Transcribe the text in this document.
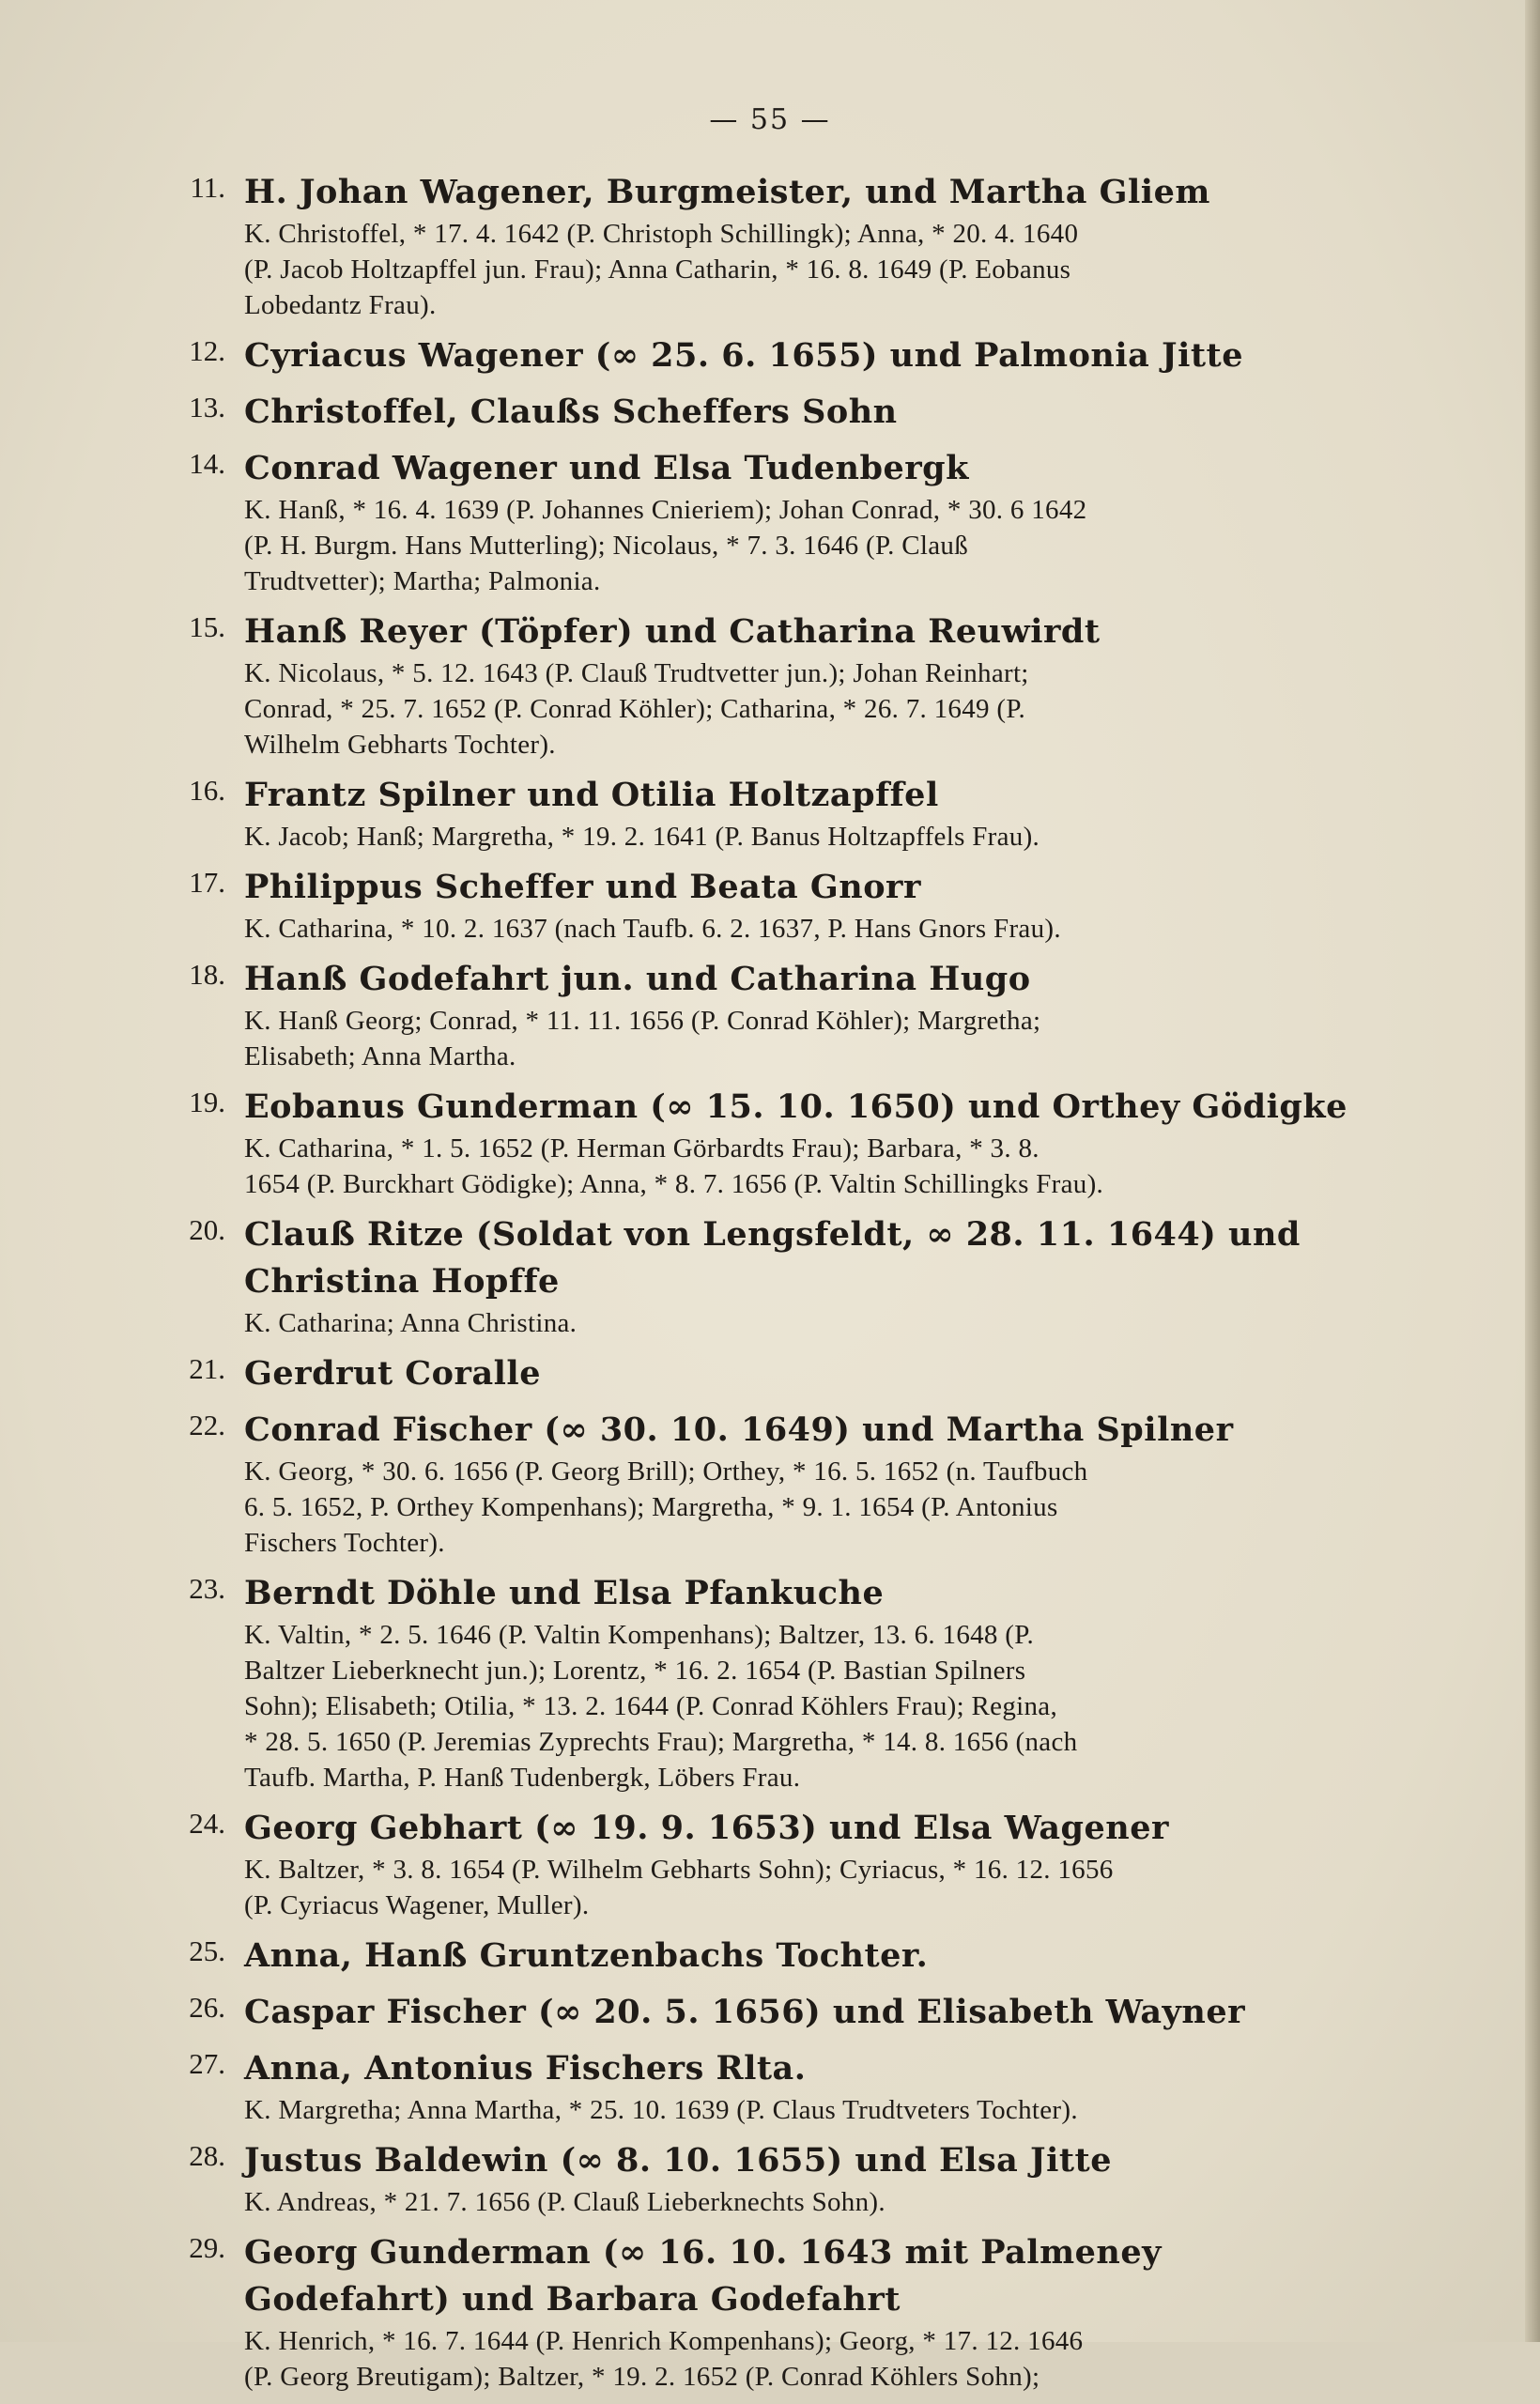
— 55 —
11. H. Johan Wagener, Burgmeister, und Martha Gliem
K. Christoffel, * 17. 4. 1642 (P. Christoph Schillingk); Anna, * 20. 4. 1640
(P. Jacob Holtzapffel jun. Frau); Anna Catharin, * 16. 8. 1649 (P. Eobanus
Lobedantz Frau).
12. Cyriacus Wagener (∞ 25. 6. 1655) und Palmonia Jitte
13. Christoffel, Claußs Scheffers Sohn
14. Conrad Wagener und Elsa Tudenbergk
K. Hanß, * 16. 4. 1639 (P. Johannes Cnieriem); Johan Conrad, * 30. 6 1642
(P. H. Burgm. Hans Mutterling); Nicolaus, * 7. 3. 1646 (P. Clauß
Trudtvetter); Martha; Palmonia.
15. Hanß Reyer (Töpfer) und Catharina Reuwirdt
K. Nicolaus, * 5. 12. 1643 (P. Clauß Trudtvetter jun.); Johan Reinhart;
Conrad, * 25. 7. 1652 (P. Conrad Köhler); Catharina, * 26. 7. 1649 (P.
Wilhelm Gebharts Tochter).
16. Frantz Spilner und Otilia Holtzapffel
K. Jacob; Hanß; Margretha, * 19. 2. 1641 (P. Banus Holtzapffels Frau).
17. Philippus Scheffer und Beata Gnorr
K. Catharina, * 10. 2. 1637 (nach Taufb. 6. 2. 1637, P. Hans Gnors Frau).
18. Hanß Godefahrt jun. und Catharina Hugo
K. Hanß Georg; Conrad, * 11. 11. 1656 (P. Conrad Köhler); Margretha;
Elisabeth; Anna Martha.
19. Eobanus Gunderman (∞ 15. 10. 1650) und Orthey Gödigke
K. Catharina, * 1. 5. 1652 (P. Herman Görbardts Frau); Barbara, * 3. 8.
1654 (P. Burckhart Gödigke); Anna, * 8. 7. 1656 (P. Valtin Schillingks Frau).
20. Clauß Ritze (Soldat von Lengsfeldt, ∞ 28. 11. 1644) und Christina Hopffe
K. Catharina; Anna Christina.
21. Gerdrut Coralle
22. Conrad Fischer (∞ 30. 10. 1649) und Martha Spilner
K. Georg, * 30. 6. 1656 (P. Georg Brill); Orthey, * 16. 5. 1652 (n. Taufbuch
6. 5. 1652, P. Orthey Kompenhans); Margretha, * 9. 1. 1654 (P. Antonius
Fischers Tochter).
23. Berndt Döhle und Elsa Pfankuche
K. Valtin, * 2. 5. 1646 (P. Valtin Kompenhans); Baltzer, 13. 6. 1648 (P.
Baltzer Lieberknecht jun.); Lorentz, * 16. 2. 1654 (P. Bastian Spilners
Sohn); Elisabeth; Otilia, * 13. 2. 1644 (P. Conrad Köhlers Frau); Regina,
* 28. 5. 1650 (P. Jeremias Zyprechts Frau); Margretha, * 14. 8. 1656 (nach
Taufb. Martha, P. Hanß Tudenbergk, Löbers Frau.
24. Georg Gebhart (∞ 19. 9. 1653) und Elsa Wagener
K. Baltzer, * 3. 8. 1654 (P. Wilhelm Gebharts Sohn); Cyriacus, * 16. 12. 1656
(P. Cyriacus Wagener, Muller).
25. Anna, Hanß Gruntzenbachs Tochter.
26. Caspar Fischer (∞ 20. 5. 1656) und Elisabeth Wayner
27. Anna, Antonius Fischers Rlta.
K. Margretha; Anna Martha, * 25. 10. 1639 (P. Claus Trudtveters Tochter).
28. Justus Baldewin (∞ 8. 10. 1655) und Elsa Jitte
K. Andreas, * 21. 7. 1656 (P. Clauß Lieberknechts Sohn).
29. Georg Gunderman (∞ 16. 10. 1643 mit Palmeney Godefahrt) und Barbara Godefahrt
K. Henrich, * 16. 7. 1644 (P. Henrich Kompenhans); Georg, * 17. 12. 1646
(P. Georg Breutigam); Baltzer, * 19. 2. 1652 (P. Conrad Köhlers Sohn);
